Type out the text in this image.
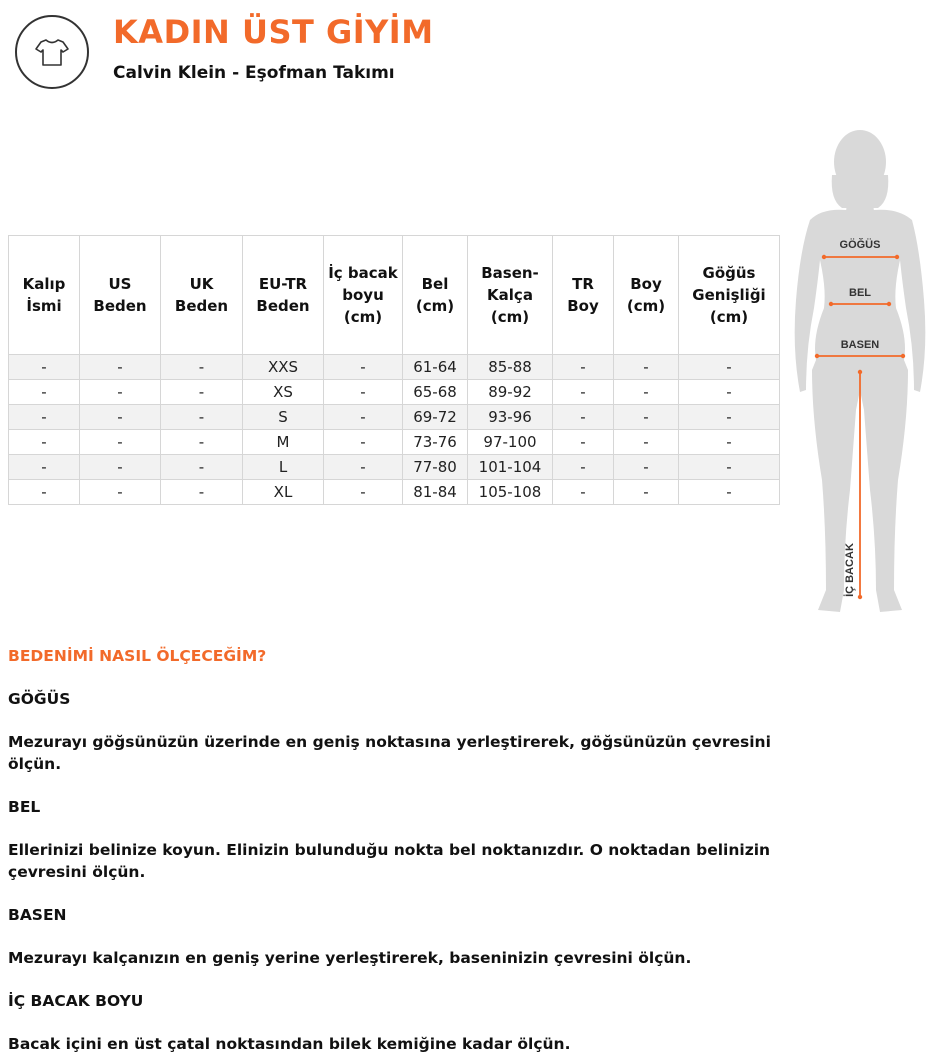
KADIN ÜST GİYİM
Calvin Klein - Eşofman Takımı
Kalıp İsmi	US Beden	UK Beden	EU-TR Beden	İç bacak boyu (cm)	Bel (cm)	Basen-Kalça (cm)	TR Boy	Boy (cm)	Göğüs Genişliği (cm)
-	-	-	XXS	-	61-64	85-88	-	-	-
-	-	-	XS	-	65-68	89-92	-	-	-
-	-	-	S	-	69-72	93-96	-	-	-
-	-	-	M	-	73-76	97-100	-	-	-
-	-	-	L	-	77-80	101-104	-	-	-
-	-	-	XL	-	81-84	105-108	-	-	-
GÖĞÜS
BEL
BASEN
İÇ BACAK

BEDENİMİ NASIL ÖLÇECEĞİM?

GÖĞÜS

Mezurayı göğsünüzün üzerinde en geniş noktasına yerleştirerek, göğsünüzün çevresini ölçün.

BEL

Ellerinizi belinize koyun. Elinizin bulunduğu nokta bel noktanızdır. O noktadan belinizin çevresini ölçün.

BASEN

Mezurayı kalçanızın en geniş yerine yerleştirerek, baseninizin çevresini ölçün.

İÇ BACAK BOYU

Bacak içini en üst çatal noktasından bilek kemiğine kadar ölçün.
